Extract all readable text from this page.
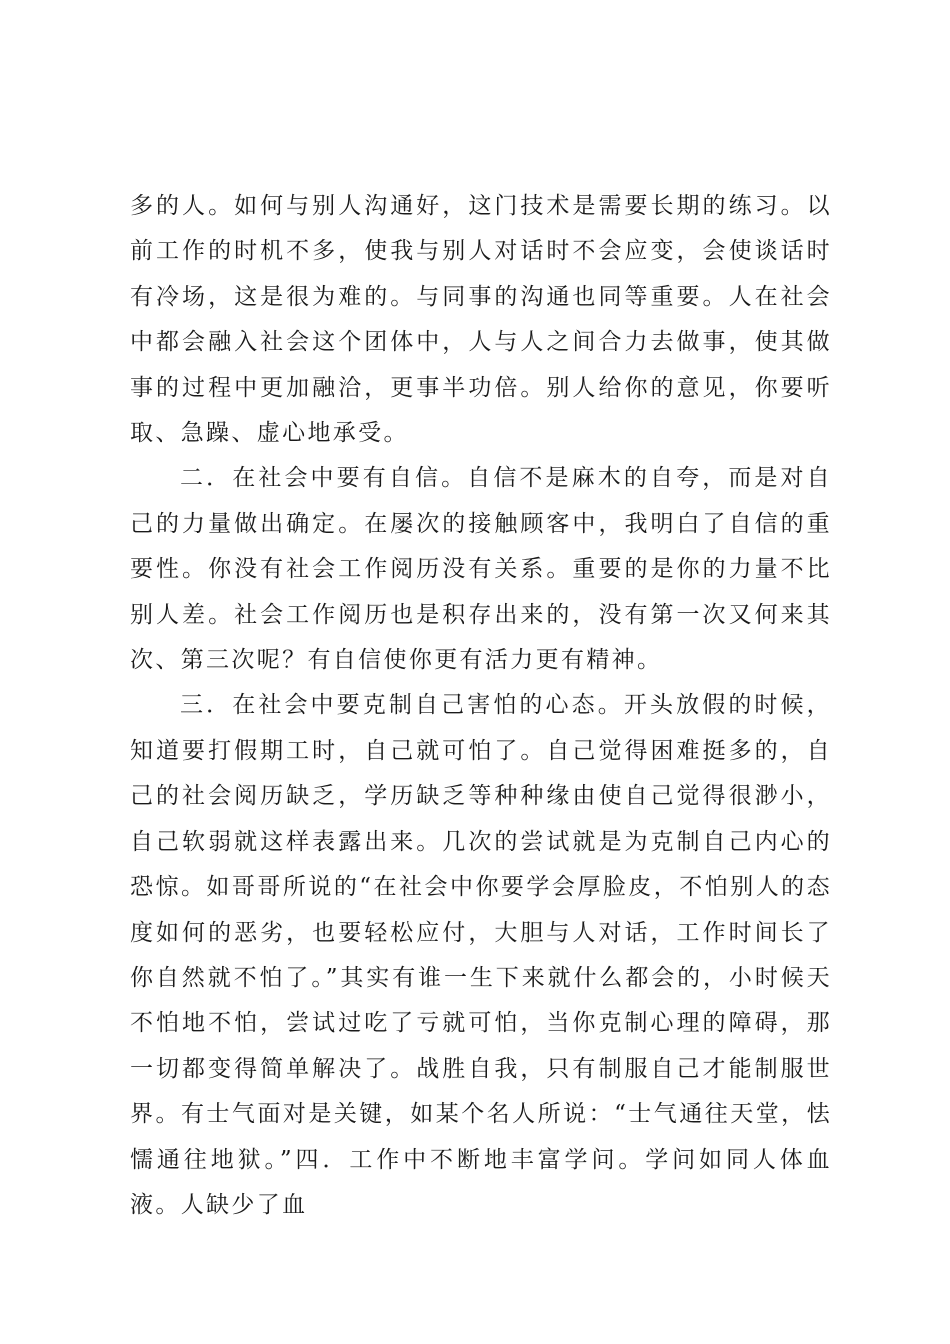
多的人。如何与别人沟通好，这门技术是需要长期的练习。以前工作的时机不多，使我与别人对话时不会应变，会使谈话时有冷场，这是很为难的。与同事的沟通也同等重要。人在社会中都会融入社会这个团体中，人与人之间合力去做事，使其做事的过程中更加融洽，更事半功倍。别人给你的意见，你要听取、急躁、虚心地承受。

二．在社会中要有自信。自信不是麻木的自夸，而是对自己的力量做出确定。在屡次的接触顾客中，我明白了自信的重要性。你没有社会工作阅历没有关系。重要的是你的力量不比别人差。社会工作阅历也是积存出来的，没有第一次又何来其次、第三次呢？有自信使你更有活力更有精神。

三．在社会中要克制自己害怕的心态。开头放假的时候，知道要打假期工时，自己就可怕了。自己觉得困难挺多的，自己的社会阅历缺乏，学历缺乏等种种缘由使自己觉得很渺小，自己软弱就这样表露出来。几次的尝试就是为克制自己内心的恐惊。如哥哥所说的“在社会中你要学会厚脸皮，不怕别人的态度如何的恶劣，也要轻松应付，大胆与人对话，工作时间长了你自然就不怕了。”其实有谁一生下来就什么都会的，小时候天不怕地不怕，尝试过吃了亏就可怕，当你克制心理的障碍，那一切都变得简单解决了。战胜自我，只有制服自己才能制服世界。有士气面对是关键，如某个名人所说：“士气通往天堂，怯懦通往地狱。”四．工作中不断地丰富学问。学问如同人体血液。人缺少了血
